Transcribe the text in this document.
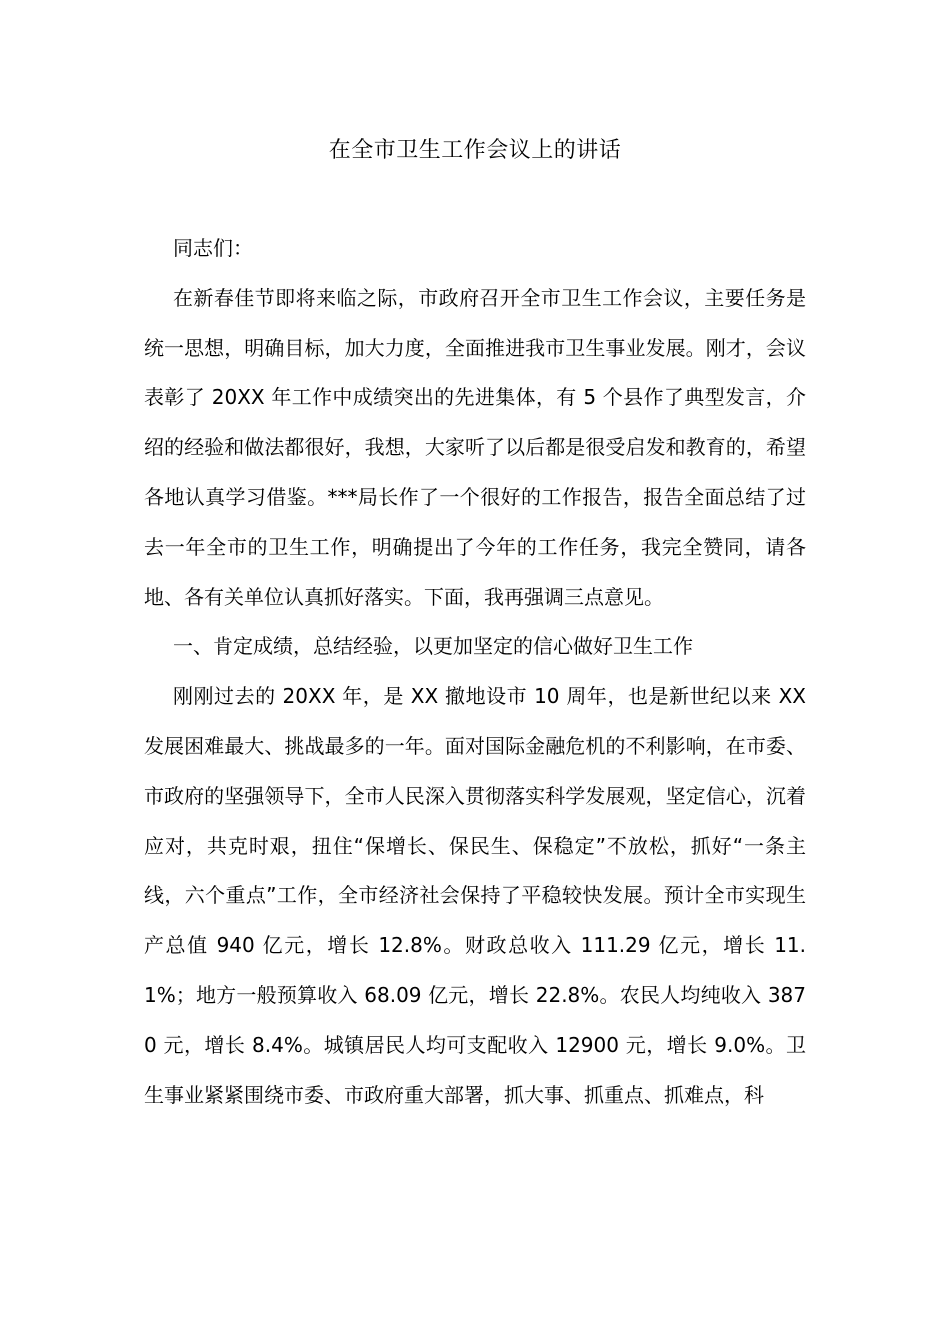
在全市卫生工作会议上的讲话

同志们：

在新春佳节即将来临之际，市政府召开全市卫生工作会议，主要任务是统一思想，明确目标，加大力度，全面推进我市卫生事业发展。刚才，会议表彰了 20XX 年工作中成绩突出的先进集体，有 5 个县作了典型发言，介绍的经验和做法都很好，我想，大家听了以后都是很受启发和教育的，希望各地认真学习借鉴。***局长作了一个很好的工作报告，报告全面总结了过去一年全市的卫生工作，明确提出了今年的工作任务，我完全赞同，请各地、各有关单位认真抓好落实。下面，我再强调三点意见。

一、肯定成绩，总结经验，以更加坚定的信心做好卫生工作

刚刚过去的 20XX 年，是 XX 撤地设市 10 周年，也是新世纪以来 XX 发展困难最大、挑战最多的一年。面对国际金融危机的不利影响，在市委、市政府的坚强领导下，全市人民深入贯彻落实科学发展观，坚定信心，沉着应对，共克时艰，扭住“保增长、保民生、保稳定”不放松，抓好“一条主线，六个重点”工作，全市经济社会保持了平稳较快发展。预计全市实现生产总值 940 亿元，增长 12.8%。财政总收入 111.29 亿元，增长 11.1%；地方一般预算收入 68.09 亿元，增长 22.8%。农民人均纯收入 3870 元，增长 8.4%。城镇居民人均可支配收入 12900 元，增长 9.0%。卫生事业紧紧围绕市委、市政府重大部署，抓大事、抓重点、抓难点，科
